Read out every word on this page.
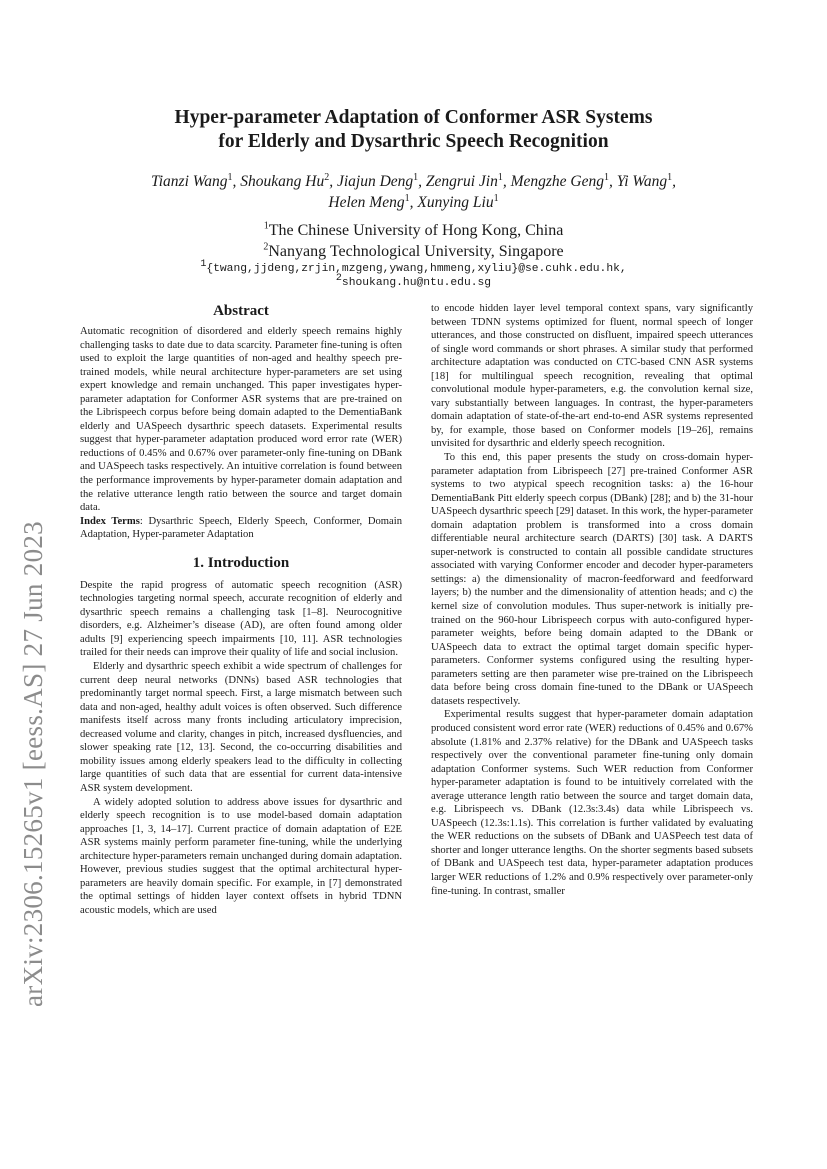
arXiv:2306.15265v1 [eess.AS] 27 Jun 2023
Hyper-parameter Adaptation of Conformer ASR Systems
for Elderly and Dysarthric Speech Recognition
Tianzi Wang$^1$, Shoukang Hu$^2$, Jiajun Deng$^1$, Zengrui Jin$^1$, Mengzhe Geng$^1$, Yi Wang$^1$,
Helen Meng$^1$, Xunying Liu$^1$
$^1$The Chinese University of Hong Kong, China
$^2$Nanyang Technological University, Singapore
$^1${twang,jjdeng,zrjin,mzgeng,ywang,hmmeng,xyliu}@se.cuhk.edu.hk,
$^2$shoukang.hu@ntu.edu.sg
Abstract

Automatic recognition of disordered and elderly speech remains highly challenging tasks to date due to data scarcity. Parameter fine-tuning is often used to exploit the large quantities of non-aged and healthy speech pre-trained models, while neural architecture hyper-parameters are set using expert knowledge and remain unchanged. This paper investigates hyper-parameter adaptation for Conformer ASR systems that are pre-trained on the Librispeech corpus before being domain adapted to the DementiaBank elderly and UASpeech dysarthric speech datasets. Experimental results suggest that hyper-parameter adaptation produced word error rate (WER) reductions of 0.45% and 0.67% over parameter-only fine-tuning on DBank and UASpeech tasks respectively. An intuitive correlation is found between the performance improvements by hyper-parameter domain adaptation and the relative utterance length ratio between the source and target domain data.

Index Terms: Dysarthric Speech, Elderly Speech, Conformer, Domain Adaptation, Hyper-parameter Adaptation

1. Introduction

Despite the rapid progress of automatic speech recognition (ASR) technologies targeting normal speech, accurate recognition of elderly and dysarthric speech remains a challenging task [1–8]. Neurocognitive disorders, e.g. Alzheimer’s disease (AD), are often found among older adults [9] experiencing speech impairments [10, 11]. ASR technologies trailed for their needs can improve their quality of life and social inclusion.

Elderly and dysarthric speech exhibit a wide spectrum of challenges for current deep neural networks (DNNs) based ASR technologies that predominantly target normal speech. First, a large mismatch between such data and non-aged, healthy adult voices is often observed. Such difference manifests itself across many fronts including articulatory imprecision, decreased volume and clarity, changes in pitch, increased dysfluencies, and slower speaking rate [12, 13]. Second, the co-occurring disabilities and mobility issues among elderly speakers lead to the difficulty in collecting large quantities of such data that are essential for current data-intensive ASR system development.

A widely adopted solution to address above issues for dysarthric and elderly speech recognition is to use model-based domain adaptation approaches [1, 3, 14–17]. Current practice of domain adaptation of E2E ASR systems mainly perform parameter fine-tuning, while the underlying architecture hyper-parameters remain unchanged during domain adaptation. However, previous studies suggest that the optimal architectural hyper-parameters are heavily domain specific. For example, in [7] demonstrated the optimal settings of hidden layer context offsets in hybrid TDNN acoustic models, which are used

to encode hidden layer level temporal context spans, vary significantly between TDNN systems optimized for fluent, normal speech of longer utterances, and those constructed on disfluent, impaired speech utterances of single word commands or short phrases. A similar study that performed architecture adaptation was conducted on CTC-based CNN ASR systems [18] for multilingual speech recognition, revealing that optimal convolutional module hyper-parameters, e.g. the convolution kernal size, vary substantially between languages. In contrast, the hyper-parameters domain adaptation of state-of-the-art end-to-end ASR systems represented by, for example, those based on Conformer models [19–26], remains unvisited for dysarthric and elderly speech recognition.

To this end, this paper presents the study on cross-domain hyper-parameter adaptation from Librispeech [27] pre-trained Conformer ASR systems to two atypical speech recognition tasks: a) the 16-hour DementiaBank Pitt elderly speech corpus (DBank) [28]; and b) the 31-hour UASpeech dysarthric speech [29] dataset. In this work, the hyper-parameter domain adaptation problem is transformed into a cross domain differentiable neural architecture search (DARTS) [30] task. A DARTS super-network is constructed to contain all possible candidate structures associated with varying Conformer encoder and decoder hyper-parameters settings: a) the dimensionality of macron-feedforward and feedforward layers; b) the number and the dimensionality of attention heads; and c) the kernel size of convolution modules. Thus super-network is initially pre-trained on the 960-hour Librispeech corpus with auto-configured hyper-parameter weights, before being domain adapted to the DBank or UASpeech data to extract the optimal target domain specific hyper-parameters. Conformer systems configured using the resulting hyper-parameters setting are then parameter wise pre-trained on the Librispeech data before being cross domain fine-tuned to the DBank or UASpeech datasets respectively.

Experimental results suggest that hyper-parameter domain adaptation produced consistent word error rate (WER) reductions of 0.45% and 0.67% absolute (1.81% and 2.37% relative) for the DBank and UASpeech tasks respectively over the conventional parameter fine-tuning only domain adaptation Conformer systems. Such WER reduction from Conformer hyper-parameter adaptation is found to be intuitively correlated with the average utterance length ratio between the source and target domain data, e.g. Librispeech vs. DBank (12.3s:3.4s) data while Librispeech vs. UASpeech (12.3s:1.1s). This correlation is further validated by evaluating the WER reductions on the subsets of DBank and UASPeech test data of shorter and longer utterance lengths. On the shorter segments based subsets of DBank and UASpeech test data, hyper-parameter adaptation produces larger WER reductions of 1.2% and 0.9% respectively over parameter-only fine-tuning. In contrast, smaller
